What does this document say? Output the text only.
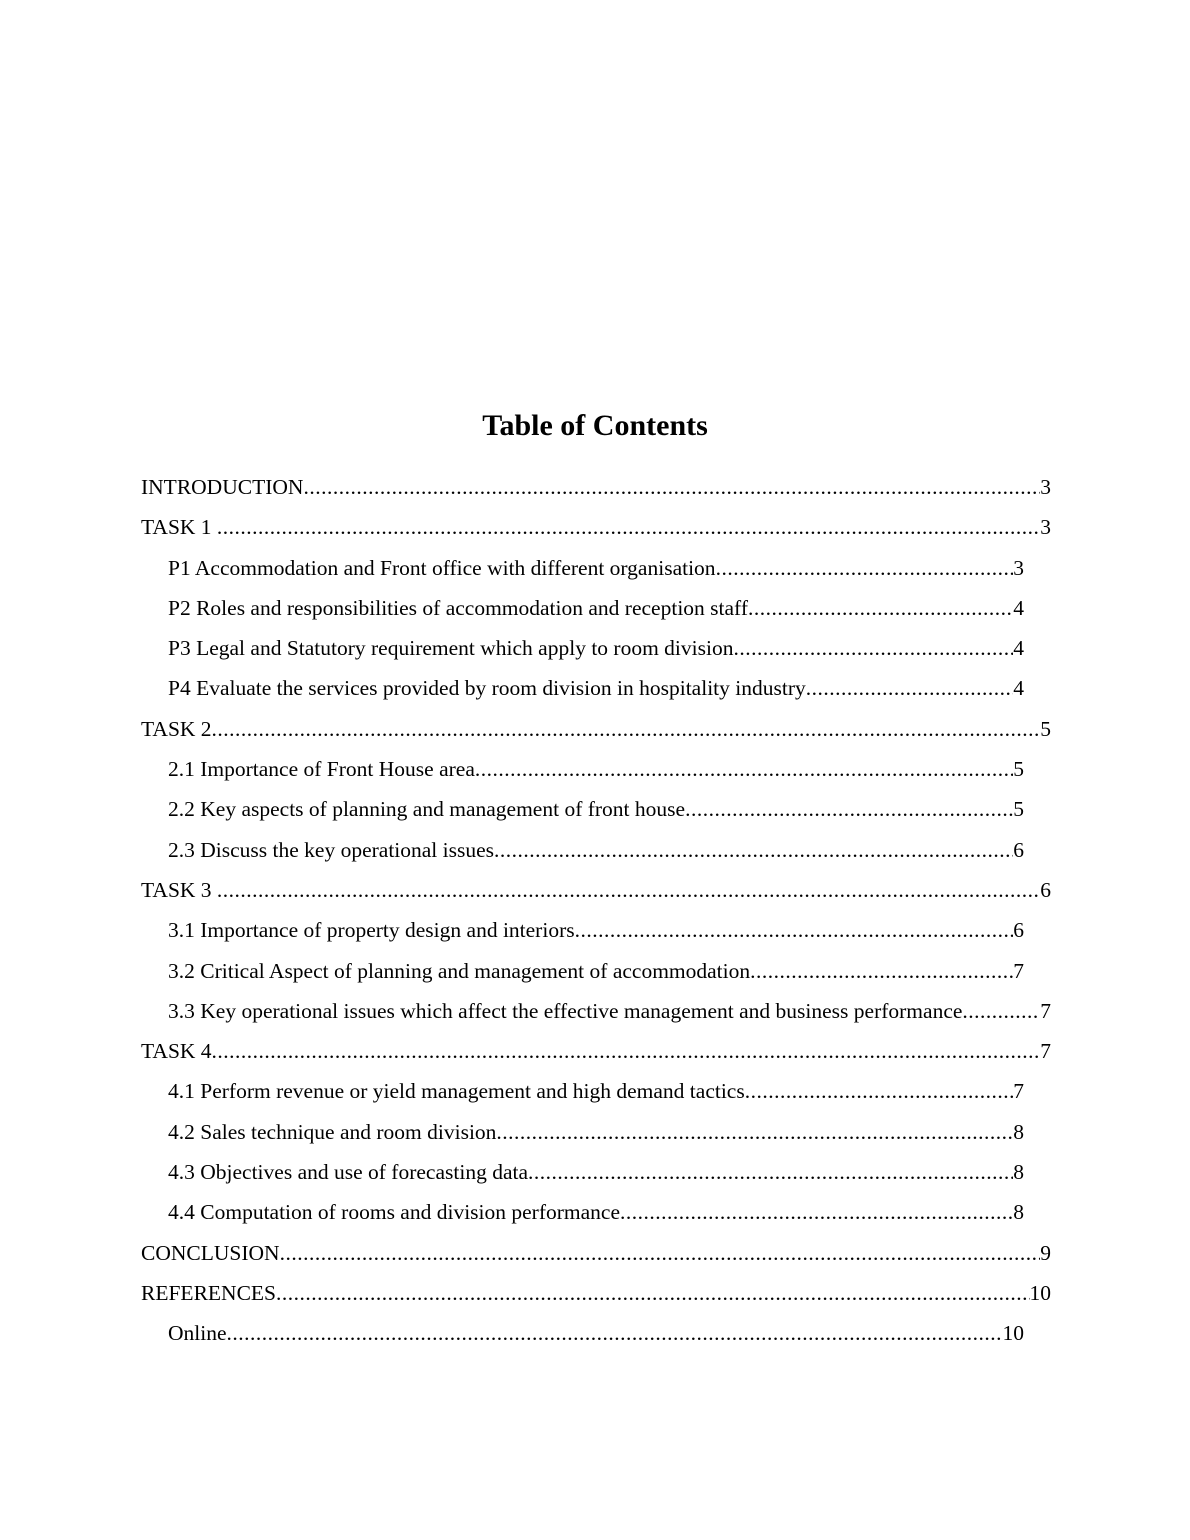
Table of Contents
INTRODUCTION .....	3
TASK 1 .....	3
P1 Accommodation and Front office with different organisation .....	3
P2 Roles and responsibilities of accommodation and reception staff .....	4
P3 Legal and Statutory requirement which apply to room division .....	4
P4 Evaluate the services provided by room division in hospitality industry .....	4
TASK 2 .....	5
2.1 Importance of Front House area .....	5
2.2 Key aspects of planning and management of front house .....	5
2.3 Discuss the key operational issues .....	6
TASK 3 .....	6
3.1 Importance of property design and interiors .....	6
3.2 Critical Aspect of planning and management of accommodation .....	7
3.3 Key operational issues which affect the effective management and business performance .....	7
TASK 4 .....	7
4.1 Perform revenue or yield management and high demand tactics .....	7
4.2 Sales technique and room division .....	8
4.3 Objectives and use of forecasting data .....	8
4.4 Computation of rooms and division performance .....	8
CONCLUSION .....	9
REFERENCES .....	10
Online .....	10
